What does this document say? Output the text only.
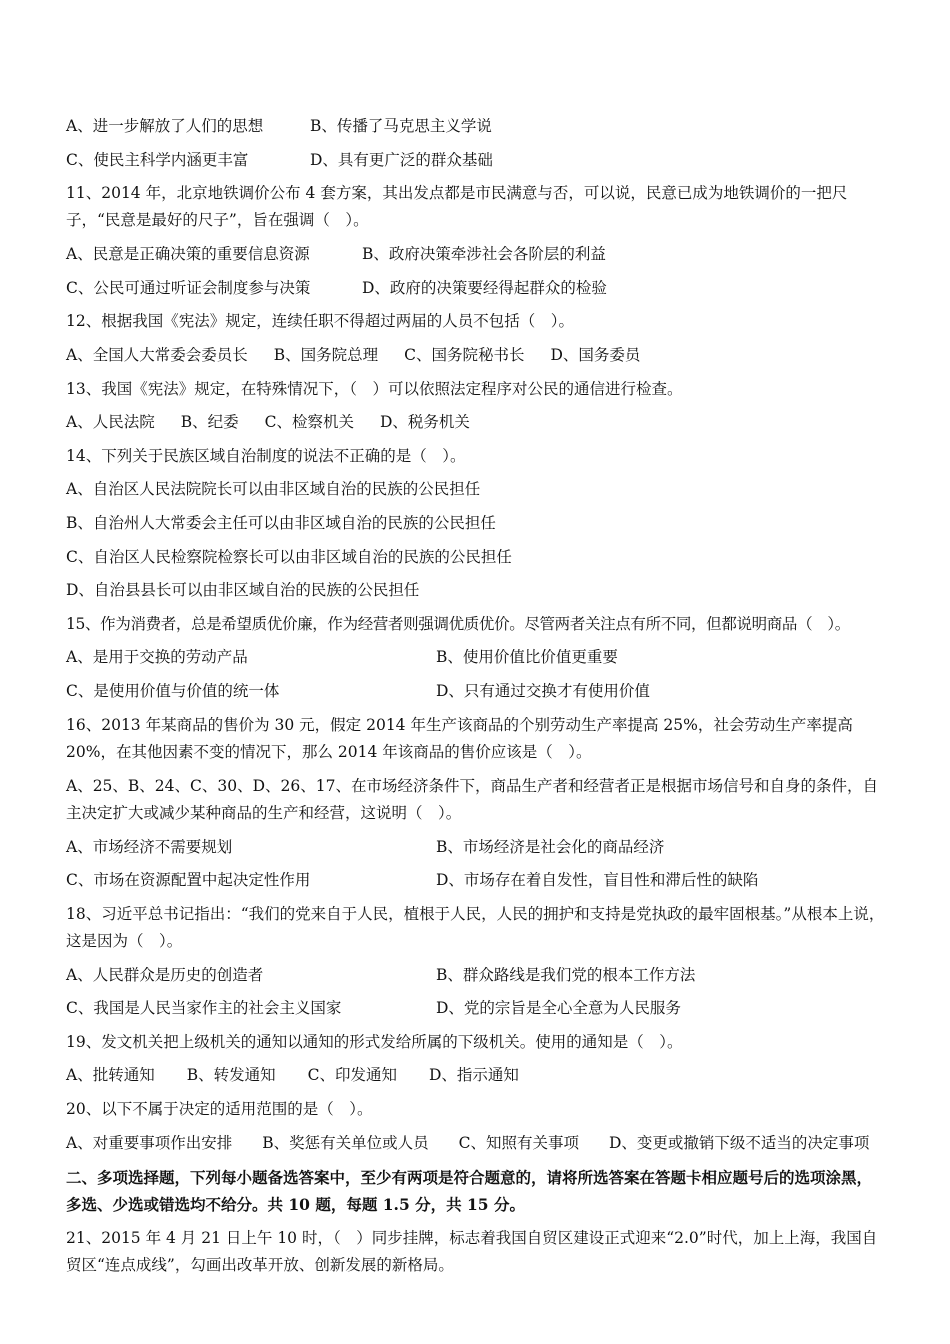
A、进一步解放了人们的思想	B、传播了马克思主义学说
C、使民主科学内涵更丰富	D、具有更广泛的群众基础
11、2014 年，北京地铁调价公布 4 套方案，其出发点都是市民满意与否，可以说，民意已成为地铁调价的一把尺子，“民意是最好的尺子”，旨在强调（　）。
A、民意是正确决策的重要信息资源	B、政府决策牵涉社会各阶层的利益
C、公民可通过听证会制度参与决策	D、政府的决策要经得起群众的检验
12、根据我国《宪法》规定，连续任职不得超过两届的人员不包括（　）。
A、全国人大常委会委员长 B、国务院总理 C、国务院秘书长 D、国务委员
13、我国《宪法》规定，在特殊情况下，（　）可以依照法定程序对公民的通信进行检查。
A、人民法院 B、纪委 C、检察机关 D、税务机关
14、下列关于民族区域自治制度的说法不正确的是（　）。
A、自治区人民法院院长可以由非区域自治的民族的公民担任
B、自治州人大常委会主任可以由非区域自治的民族的公民担任
C、自治区人民检察院检察长可以由非区域自治的民族的公民担任
D、自治县县长可以由非区域自治的民族的公民担任
15、作为消费者，总是希望质优价廉，作为经营者则强调优质优价。尽管两者关注点有所不同，但都说明商品（　）。
A、是用于交换的劳动产品	B、使用价值比价值更重要
C、是使用价值与价值的统一体	D、只有通过交换才有使用价值
16、2013 年某商品的售价为 30 元，假定 2014 年生产该商品的个别劳动生产率提高 25%，社会劳动生产率提高 20%，在其他因素不变的情况下，那么 2014 年该商品的售价应该是（　）。
A、25、B、24、C、30、D、26、17、在市场经济条件下，商品生产者和经营者正是根据市场信号和自身的条件，自主决定扩大或减少某种商品的生产和经营，这说明（　）。
A、市场经济不需要规划	B、市场经济是社会化的商品经济
C、市场在资源配置中起决定性作用	D、市场存在着自发性，盲目性和滞后性的缺陷
18、习近平总书记指出：“我们的党来自于人民，植根于人民，人民的拥护和支持是党执政的最牢固根基。”从根本上说，这是因为（　）。
A、人民群众是历史的创造者	B、群众路线是我们党的根本工作方法
C、我国是人民当家作主的社会主义国家	D、党的宗旨是全心全意为人民服务
19、发文机关把上级机关的通知以通知的形式发给所属的下级机关。使用的通知是（　）。
A、批转通知 B、转发通知 C、印发通知 D、指示通知
20、以下不属于决定的适用范围的是（　）。
A、对重要事项作出安排 B、奖惩有关单位或人员 C、知照有关事项 D、变更或撤销下级不适当的决定事项
二、多项选择题，下列每小题备选答案中，至少有两项是符合题意的，请将所选答案在答题卡相应题号后的选项涂黑，多选、少选或错选均不给分。共 10 题，每题 1.5 分，共 15 分。
21、2015 年 4 月 21 日上午 10 时，（　）同步挂牌，标志着我国自贸区建设正式迎来“2.0”时代，加上上海，我国自贸区“连点成线”，勾画出改革开放、创新发展的新格局。
